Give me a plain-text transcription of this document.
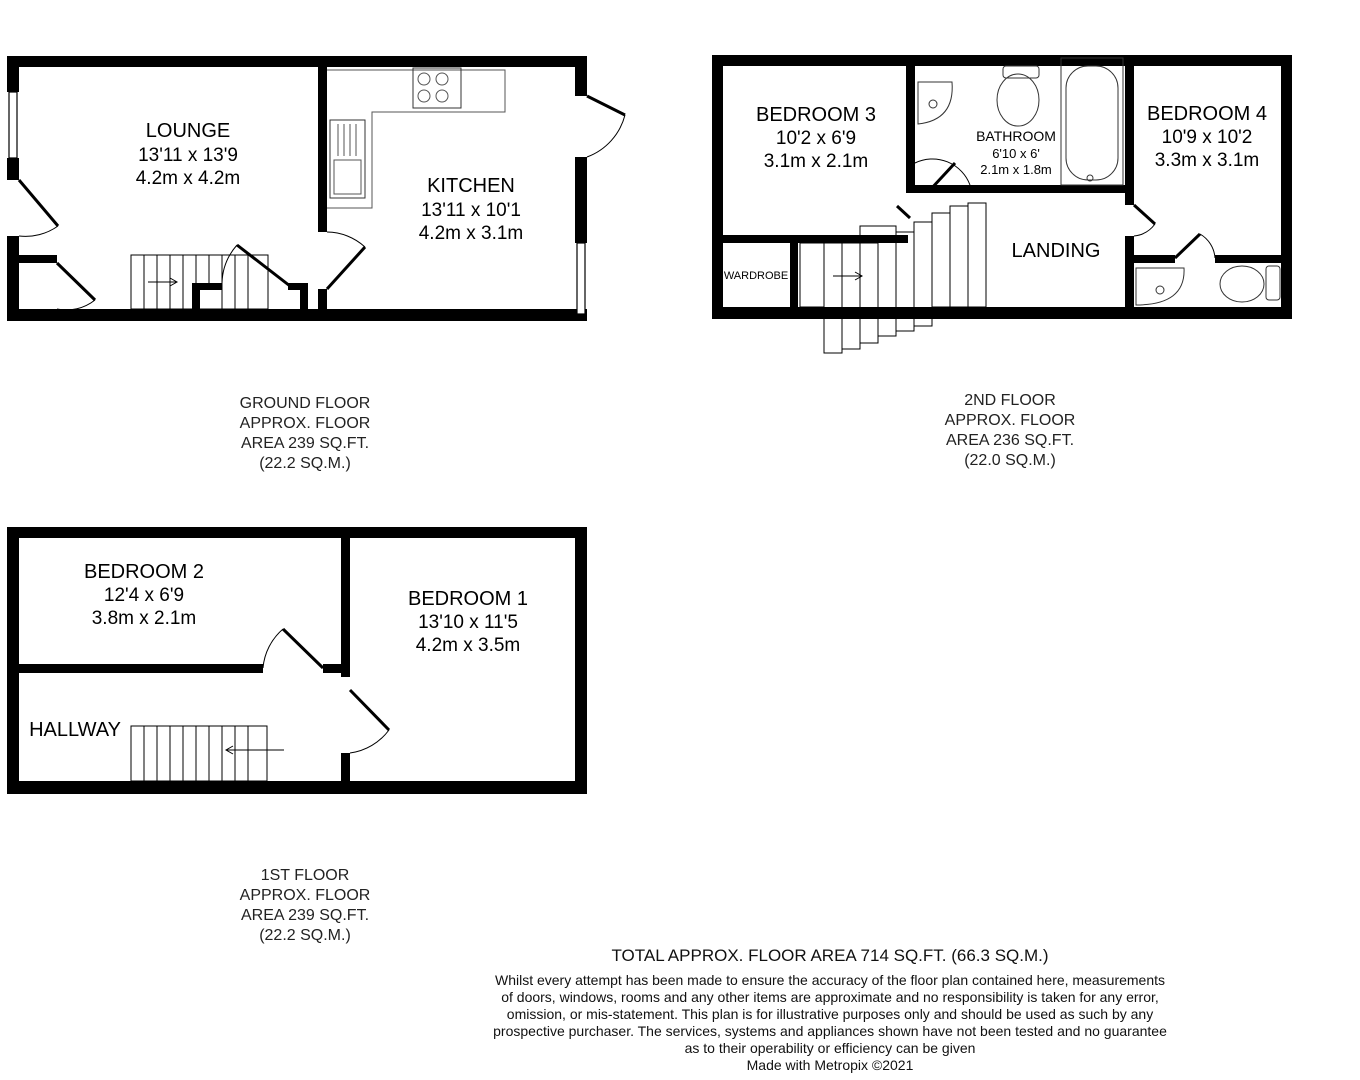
LOUNGE
13'11 x 13'9
4.2m x 4.2m	KITCHEN
13'11 x 10'1
4.2m x 3.1m
GROUND FLOOR
APPROX. FLOOR
AREA 239 SQ.FT.
(22.2 SQ.M.)
BEDROOM 3
10'2 x 6'9
3.1m x 2.1m
BATHROOM
6'10 x 6'
2.1m x 1.8m
BEDROOM 4
10'9 x 10'2
3.3m x 3.1m
LANDING
WARDROBE
2ND FLOOR
APPROX. FLOOR
AREA 236 SQ.FT.
(22.0 SQ.M.)
BEDROOM 2
12'4 x 6'9
3.8m x 2.1m
BEDROOM 1
13'10 x 11'5
4.2m x 3.5m
HALLWAY
1ST FLOOR
APPROX. FLOOR
AREA 239 SQ.FT.
(22.2 SQ.M.)
TOTAL APPROX. FLOOR AREA 714 SQ.FT. (66.3 SQ.M.)
Whilst every attempt has been made to ensure the accuracy of the floor plan contained here, measurements
of doors, windows, rooms and any other items are approximate and no responsibility is taken for any error,
omission, or mis-statement. This plan is for illustrative purposes only and should be used as such by any
prospective purchaser. The services, systems and appliances shown have not been tested and no guarantee
as to their operability or efficiency can be given
Made with Metropix ©2021
